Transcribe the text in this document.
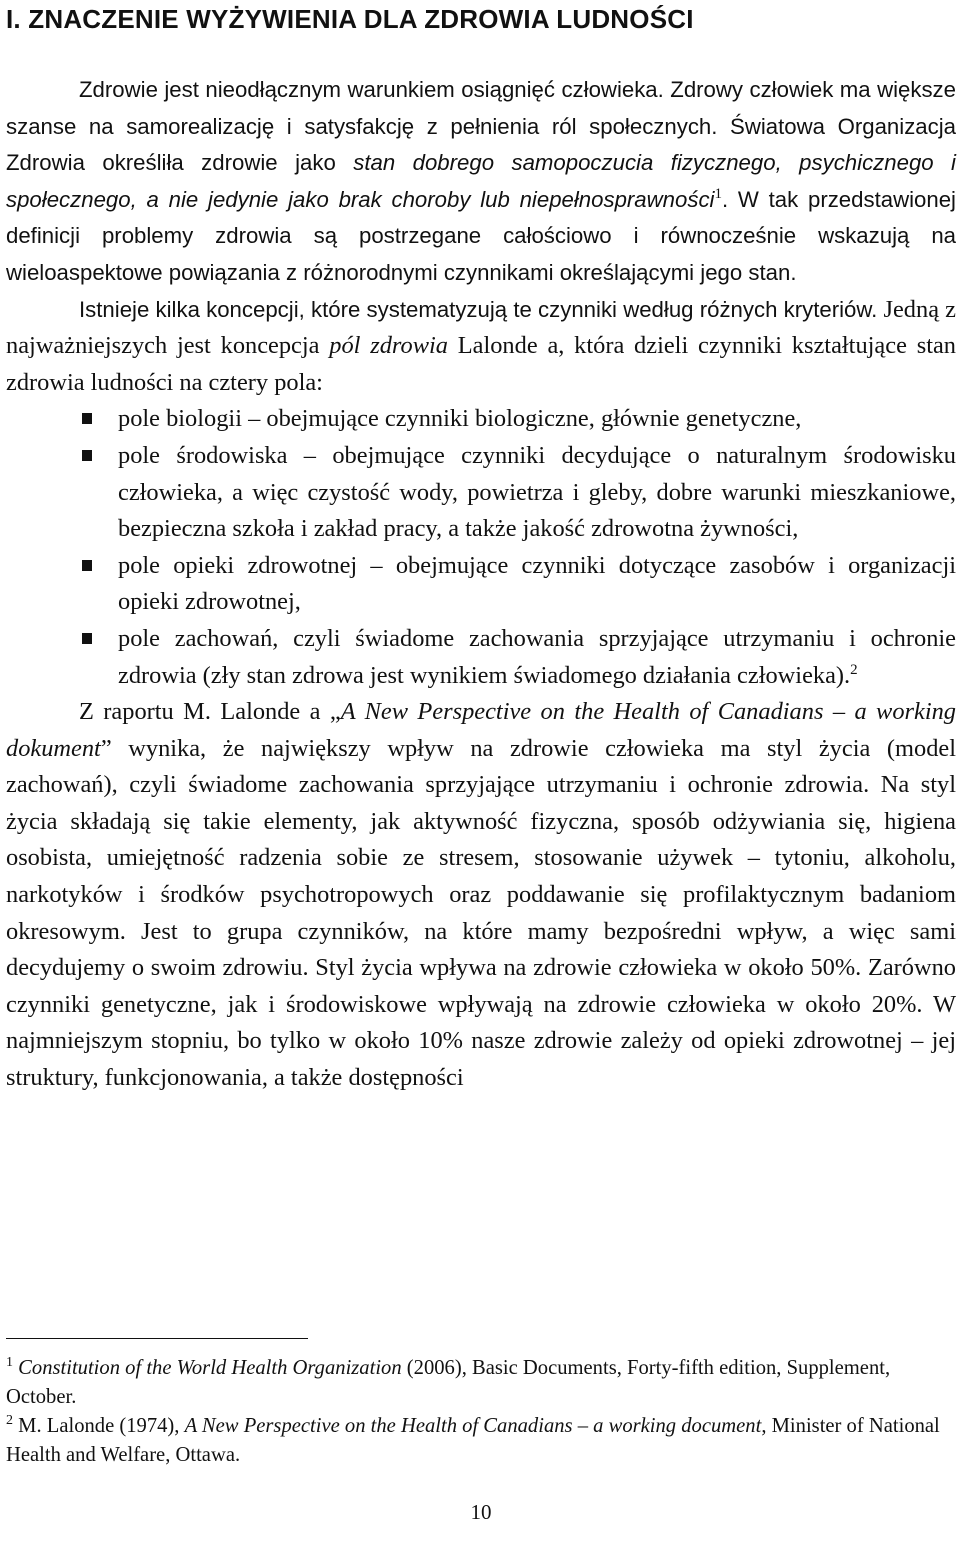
I. ZNACZENIE WYŻYWIENIA DLA ZDROWIA LUDNOŚCI

Zdrowie jest nieodłącznym warunkiem osiągnięć człowieka. Zdrowy człowiek ma większe szanse na samorealizację i satysfakcję z pełnienia ról społecznych. Światowa Organizacja Zdrowia określiła zdrowie jako stan dobrego samopoczucia fizycznego, psychicznego i społecznego, a nie jedynie jako brak choroby lub niepełnosprawności$^1$. W tak przedstawionej definicji problemy zdrowia są postrzegane całościowo i równocześnie wskazują na wieloaspektowe powiązania z różnorodnymi czynnikami określającymi jego stan.

Istnieje kilka koncepcji, które systematyzują te czynniki według różnych kryteriów. Jedną z najważniejszych jest koncepcja pól zdrowia Lalonde a, która dzieli czynniki kształtujące stan zdrowia ludności na cztery pola:

pole biologii – obejmujące czynniki biologiczne, głównie genetyczne,
pole środowiska – obejmujące czynniki decydujące o naturalnym środowisku człowieka, a więc czystość wody, powietrza i gleby, dobre warunki mieszkaniowe, bezpieczna szkoła i zakład pracy, a także jakość zdrowotna żywności,
pole opieki zdrowotnej – obejmujące czynniki dotyczące zasobów i organizacji opieki zdrowotnej,
pole zachowań, czyli świadome zachowania sprzyjające utrzymaniu i ochronie zdrowia (zły stan zdrowa jest wynikiem świadomego działania człowieka).$^2$

Z raportu M. Lalonde a „A New Perspective on the Health of Canadians – a working dokument” wynika, że największy wpływ na zdrowie człowieka ma styl życia (model zachowań), czyli świadome zachowania sprzyjające utrzymaniu i ochronie zdrowia. Na styl życia składają się takie elementy, jak aktywność fizyczna, sposób odżywiania się, higiena osobista, umiejętność radzenia sobie ze stresem, stosowanie używek – tytoniu, alkoholu, narkotyków i środków psychotropowych oraz poddawanie się profilaktycznym badaniom okresowym. Jest to grupa czynników, na które mamy bezpośredni wpływ, a więc sami decydujemy o swoim zdrowiu. Styl życia wpływa na zdrowie człowieka w około 50%. Zarówno czynniki genetyczne, jak i środowiskowe wpływają na zdrowie człowieka w około 20%. W najmniejszym stopniu, bo tylko w około 10% nasze zdrowie zależy od opieki zdrowotnej – jej struktury, funkcjonowania, a także dostępności

$^1$ Constitution of the World Health Organization (2006), Basic Documents, Forty-fifth edition, Supplement, October.

$^2$ M. Lalonde (1974), A New Perspective on the Health of Canadians – a working document, Minister of National Health and Welfare, Ottawa.

10
